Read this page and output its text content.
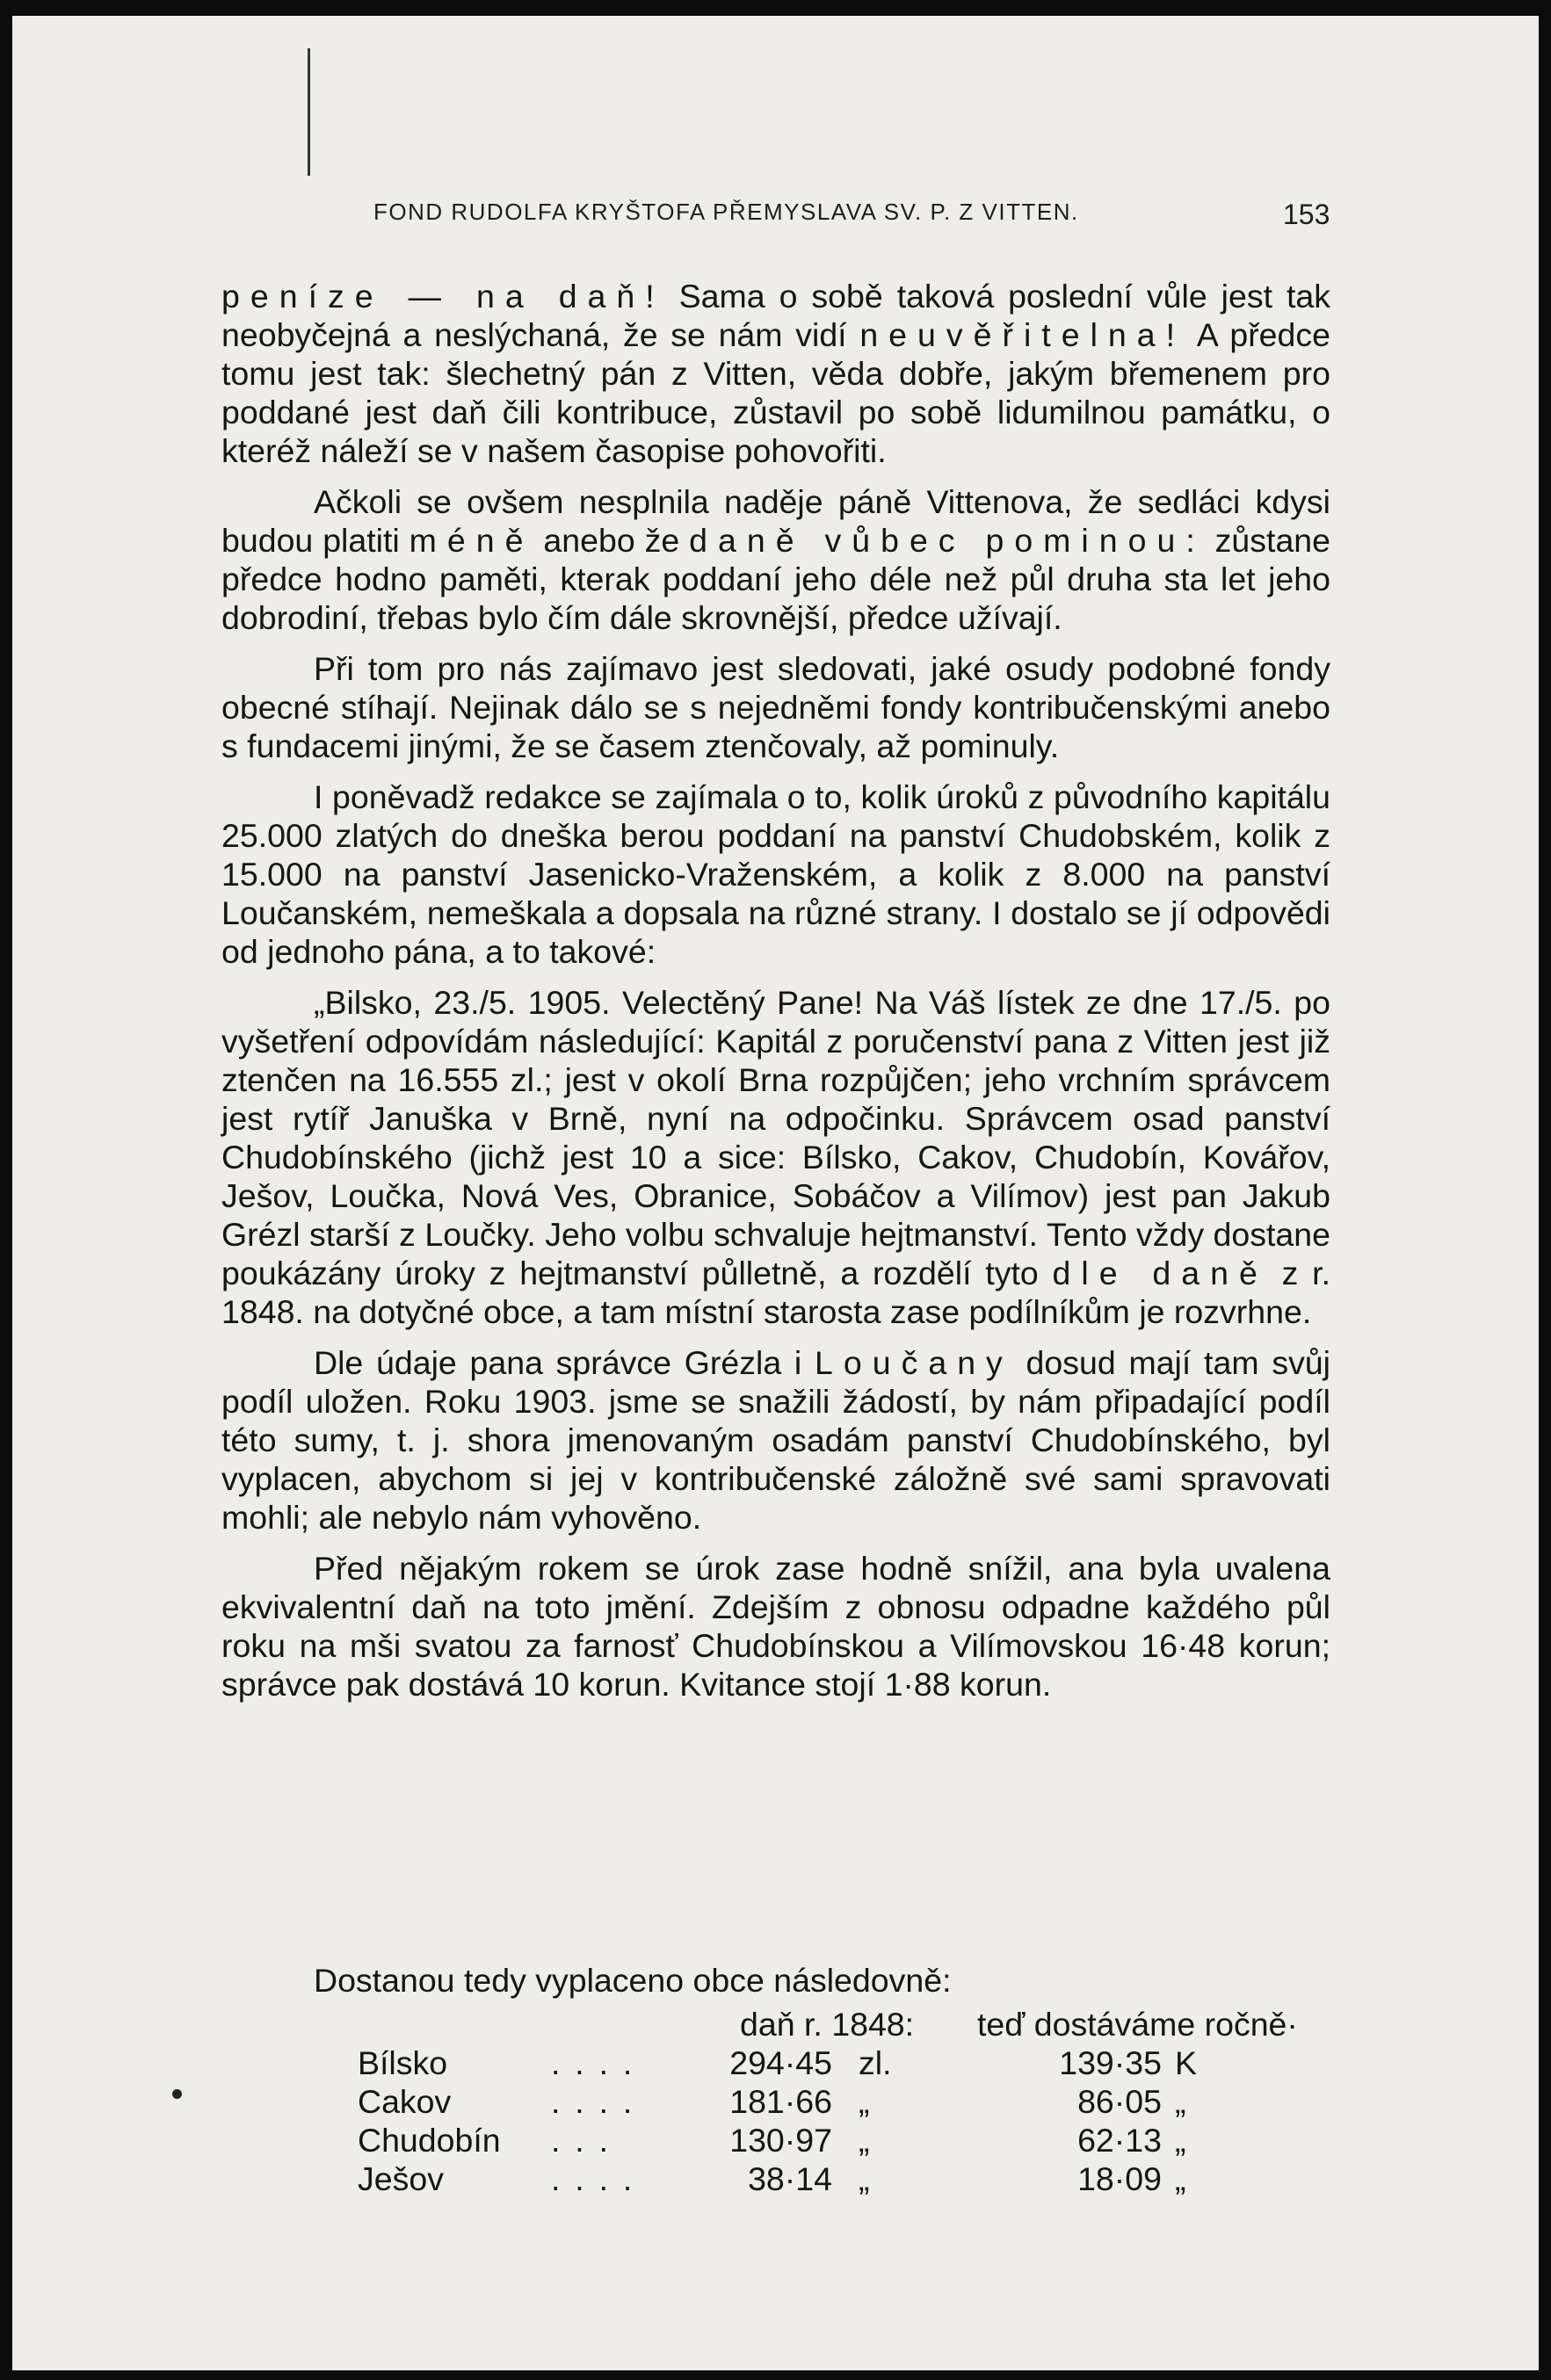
FOND RUDOLFA KRYŠTOFA PŘEMYSLAVA SV. P. Z VITTEN.	153

peníze — na daň! Sama o sobě taková poslední vůle jest tak neobyčejná a neslýchaná, že se nám vidí neuvěřitelna! A předce tomu jest tak: šlechetný pán z Vitten, věda dobře, jakým břemenem pro poddané jest daň čili kontribuce, zůstavil po sobě lidumilnou památku, o kteréž náleží se v našem časopise pohovořiti.

Ačkoli se ovšem nesplnila naděje páně Vittenova, že sedláci kdysi budou platiti méně anebo že daně vůbec pominou: zůstane předce hodno paměti, kterak poddaní jeho déle než půl druha sta let jeho dobrodiní, třebas bylo čím dále skrovnější, předce užívají.

Při tom pro nás zajímavo jest sledovati, jaké osudy podobné fondy obecné stíhají. Nejinak dálo se s nejedněmi fondy kontribučenskými anebo s fundacemi jinými, že se časem ztenčovaly, až pominuly.

I poněvadž redakce se zajímala o to, kolik úroků z původního kapitálu 25.000 zlatých do dneška berou poddaní na panství Chudobském, kolik z 15.000 na panství Jasenicko-Vraženském, a kolik z 8.000 na panství Loučanském, nemeškala a dopsala na různé strany. I dostalo se jí odpovědi od jednoho pána, a to takové:

„Bilsko, 23./5. 1905. Velectěný Pane! Na Váš lístek ze dne 17./5. po vyšetření odpovídám následující: Kapitál z poručenství pana z Vitten jest již ztenčen na 16.555 zl.; jest v okolí Brna rozpůjčen; jeho vrchním správcem jest rytíř Januška v Brně, nyní na odpočinku. Správcem osad panství Chudobínského (jichž jest 10 a sice: Bílsko, Cakov, Chudobín, Kovářov, Ješov, Loučka, Nová Ves, Obranice, Sobáčov a Vilímov) jest pan Jakub Grézl starší z Loučky. Jeho volbu schvaluje hejtmanství. Tento vždy dostane poukázány úroky z hejtmanství půlletně, a rozdělí tyto dle daně z r. 1848. na dotyčné obce, a tam místní starosta zase podílníkům je rozvrhne.

Dle údaje pana správce Grézla i Loučany dosud mají tam svůj podíl uložen. Roku 1903. jsme se snažili žádostí, by nám připadající podíl této sumy, t. j. shora jmenovaným osadám panství Chudobínského, byl vyplacen, abychom si jej v kontribučenské záložně své sami spravovati mohli; ale nebylo nám vyhověno.

Před nějakým rokem se úrok zase hodně snížil, ana byla uvalena ekvivalentní daň na toto jmění. Zdejším z obnosu odpadne každého půl roku na mši svatou za farnosť Chudobínskou a Vilímovskou 16·48 korun; správce pak dostává 10 korun. Kvitance stojí 1·88 korun.

Dostanou tedy vyplaceno obce následovně:
daň r. 1848: teď dostáváme ročně·
Bílsko	....	294·45 zl.	139·35 K
Cakov	....	181·66 „	86·05 „
Chudobín ...	130·97 „	62·13 „
Ješov	....	38·14 „	18·09 „
